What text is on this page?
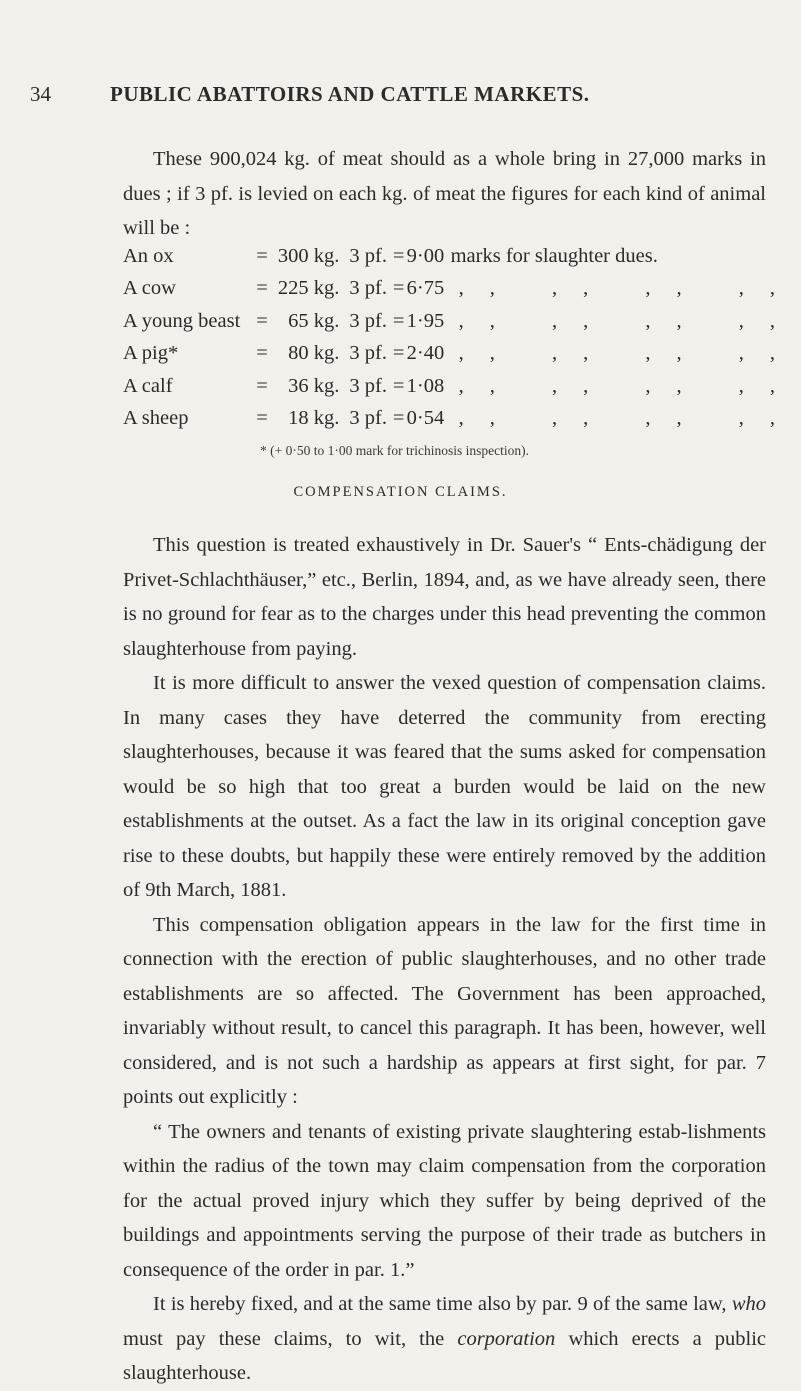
34	PUBLIC ABATTOIRS AND CATTLE MARKETS.

These 900,024 kg. of meat should as a whole bring in 27,000 marks in dues ; if 3 pf. is levied on each kg. of meat the figures for each kind of animal will be :

An ox	=	300 kg.	3 pf.	=	9·00	marks for slaughter dues.
A cow	=	225 kg.	3 pf.	=	6·75	,, ,, ,, ,,
A young beast	=	65 kg.	3 pf.	=	1·95	,, ,, ,, ,,
A pig*	=	80 kg.	3 pf.	=	2·40	,, ,, ,, ,,
A calf	=	36 kg.	3 pf.	=	1·08	,, ,, ,, ,,
A sheep	=	18 kg.	3 pf.	=	0·54	,, ,, ,, ,,
* (+ 0·50 to 1·00 mark for trichinosis inspection).
COMPENSATION CLAIMS.

This question is treated exhaustively in Dr. Sauer's “ Ents-chädigung der Privet-Schlachthäuser,” etc., Berlin, 1894, and, as we have already seen, there is no ground for fear as to the charges under this head preventing the common slaughterhouse from paying.

It is more difficult to answer the vexed question of compensation claims. In many cases they have deterred the community from erecting slaughterhouses, because it was feared that the sums asked for compensation would be so high that too great a burden would be laid on the new establishments at the outset. As a fact the law in its original conception gave rise to these doubts, but happily these were entirely removed by the addition of 9th March, 1881.

This compensation obligation appears in the law for the first time in connection with the erection of public slaughterhouses, and no other trade establishments are so affected. The Government has been approached, invariably without result, to cancel this paragraph. It has been, however, well considered, and is not such a hardship as appears at first sight, for par. 7 points out explicitly :

“ The owners and tenants of existing private slaughtering estab-lishments within the radius of the town may claim compensation from the corporation for the actual proved injury which they suffer by being deprived of the buildings and appointments serving the purpose of their trade as butchers in consequence of the order in par. 1.”

It is hereby fixed, and at the same time also by par. 9 of the same law, who must pay these claims, to wit, the corporation which erects a public slaughterhouse.
